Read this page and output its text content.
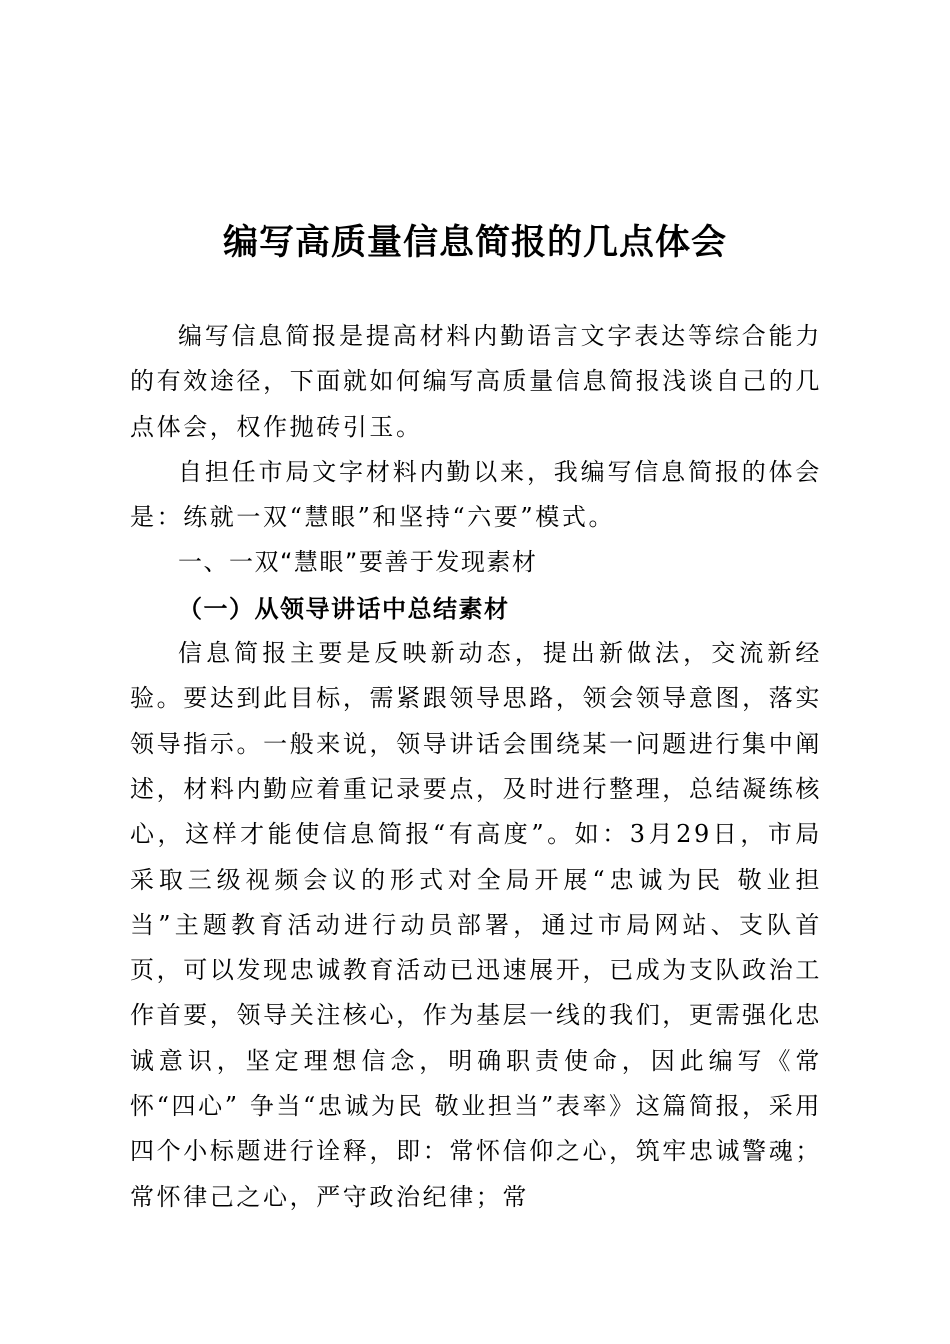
编写高质量信息简报的几点体会

编写信息简报是提高材料内勤语言文字表达等综合能力的有效途径，下面就如何编写高质量信息简报浅谈自己的几点体会，权作抛砖引玉。

自担任市局文字材料内勤以来，我编写信息简报的体会是：练就一双“慧眼”和坚持“六要”模式。

一、一双“慧眼”要善于发现素材
（一）从领导讲话中总结素材

信息简报主要是反映新动态，提出新做法，交流新经验。要达到此目标，需紧跟领导思路，领会领导意图，落实领导指示。一般来说，领导讲话会围绕某一问题进行集中阐述，材料内勤应着重记录要点，及时进行整理，总结凝练核心，这样才能使信息简报“有高度”。如：3月29日，市局采取三级视频会议的形式对全局开展“忠诚为民 敬业担当”主题教育活动进行动员部署，通过市局网站、支队首页，可以发现忠诚教育活动已迅速展开，已成为支队政治工作首要，领导关注核心，作为基层一线的我们，更需强化忠诚意识，坚定理想信念，明确职责使命，因此编写《常怀“四心” 争当“忠诚为民 敬业担当”表率》这篇简报，采用四个小标题进行诠释，即：常怀信仰之心，筑牢忠诚警魂；常怀律己之心，严守政治纪律；常
